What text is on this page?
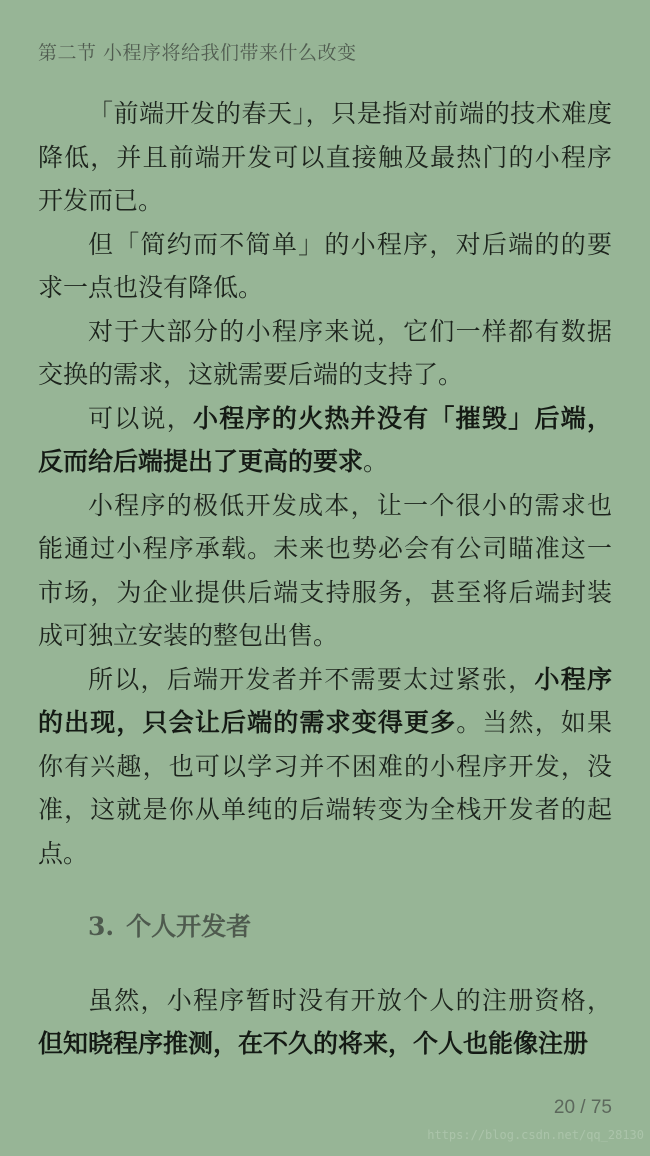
第二节 小程序将给我们带来什么改变

「前端开发的春天」，只是指对前端的技术难度降低，并且前端开发可以直接触及最热门的小程序开发而已。

但「简约而不简单」的小程序，对后端的的要求一点也没有降低。

对于大部分的小程序来说，它们一样都有数据交换的需求，这就需要后端的支持了。

可以说，小程序的火热并没有「摧毁」后端，反而给后端提出了更高的要求。

小程序的极低开发成本，让一个很小的需求也能通过小程序承载。未来也势必会有公司瞄准这一市场，为企业提供后端支持服务，甚至将后端封装成可独立安装的整包出售。

所以，后端开发者并不需要太过紧张，小程序的出现，只会让后端的需求变得更多。当然，如果你有兴趣，也可以学习并不困难的小程序开发，没准，这就是你从单纯的后端转变为全栈开发者的起点。

3. 个人开发者

虽然，小程序暂时没有开放个人的注册资格，但知晓程序推测，在不久的将来，个人也能像注册

20 / 75
https://blog.csdn.net/qq_28130
